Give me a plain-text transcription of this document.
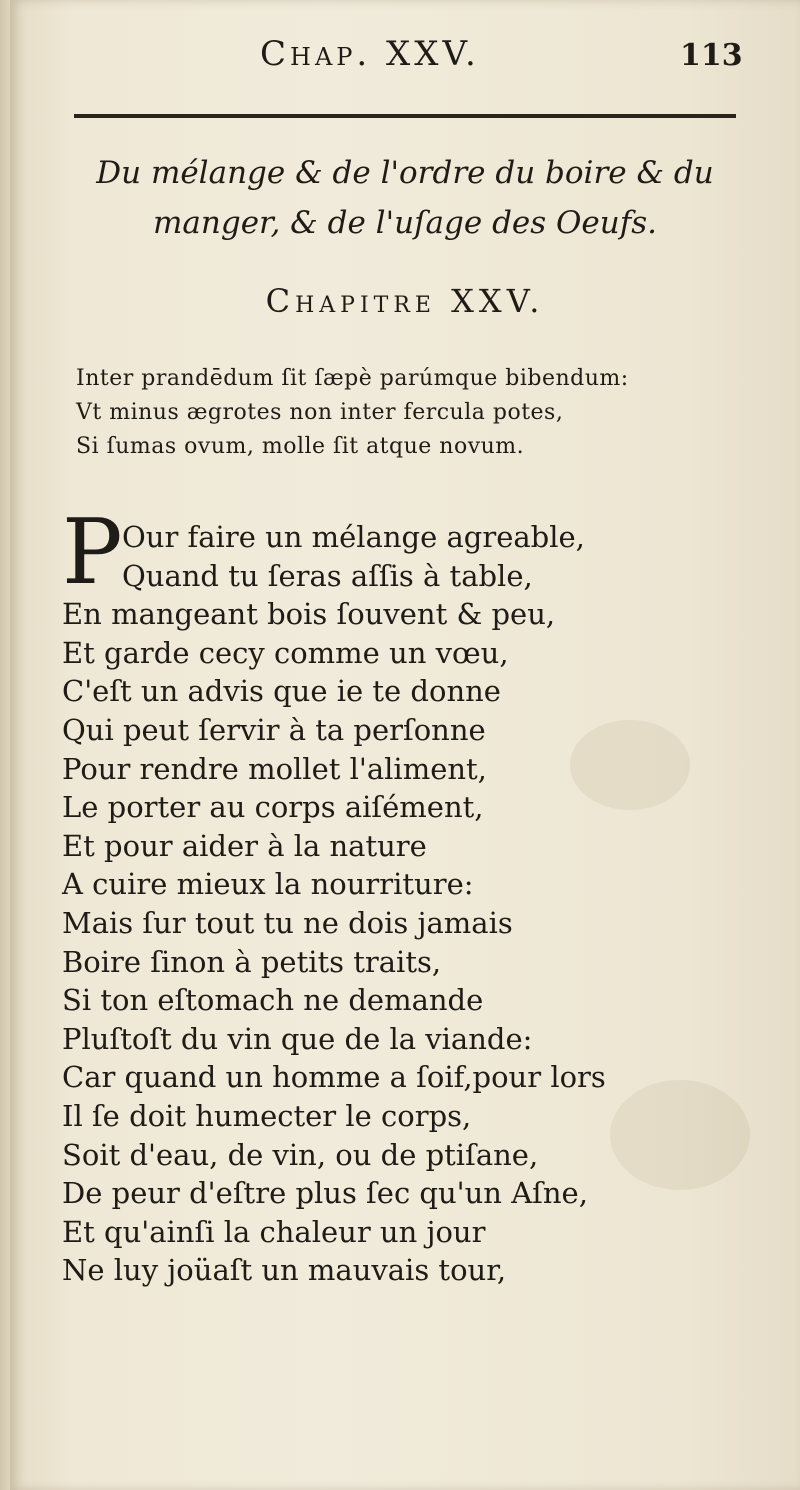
Chap. XXV.	113
Du mélange & de l'ordre du boire & du
manger, & de l'uſage des Oeufs.
Chapitre XXV.
Inter prandēdum ſit ſæpè parúmque bibendum:
Vt minus ægrotes non inter fercula potes,
Si ſumas ovum, molle ſit atque novum.
P Our faire un mélange agreable,
Quand tu ſeras aſſis à table,
En mangeant bois ſouvent & peu,
Et garde cecy comme un vœu,
C'eſt un advis que ie te donne
Qui peut ſervir à ta perſonne
Pour rendre mollet l'aliment,
Le porter au corps aiſément,
Et pour aider à la nature
A cuire mieux la nourriture:
Mais ſur tout tu ne dois jamais
Boire ſinon à petits traits,
Si ton eſtomach ne demande
Pluſtoſt du vin que de la viande:
Car quand un homme a ſoif,pour lors
Il ſe doit humecter le corps,
Soit d'eau, de vin, ou de ptiſane,
De peur d'eſtre plus ſec qu'un Aſne,
Et qu'ainſi la chaleur un jour
Ne luy joüaſt un mauvais tour,
